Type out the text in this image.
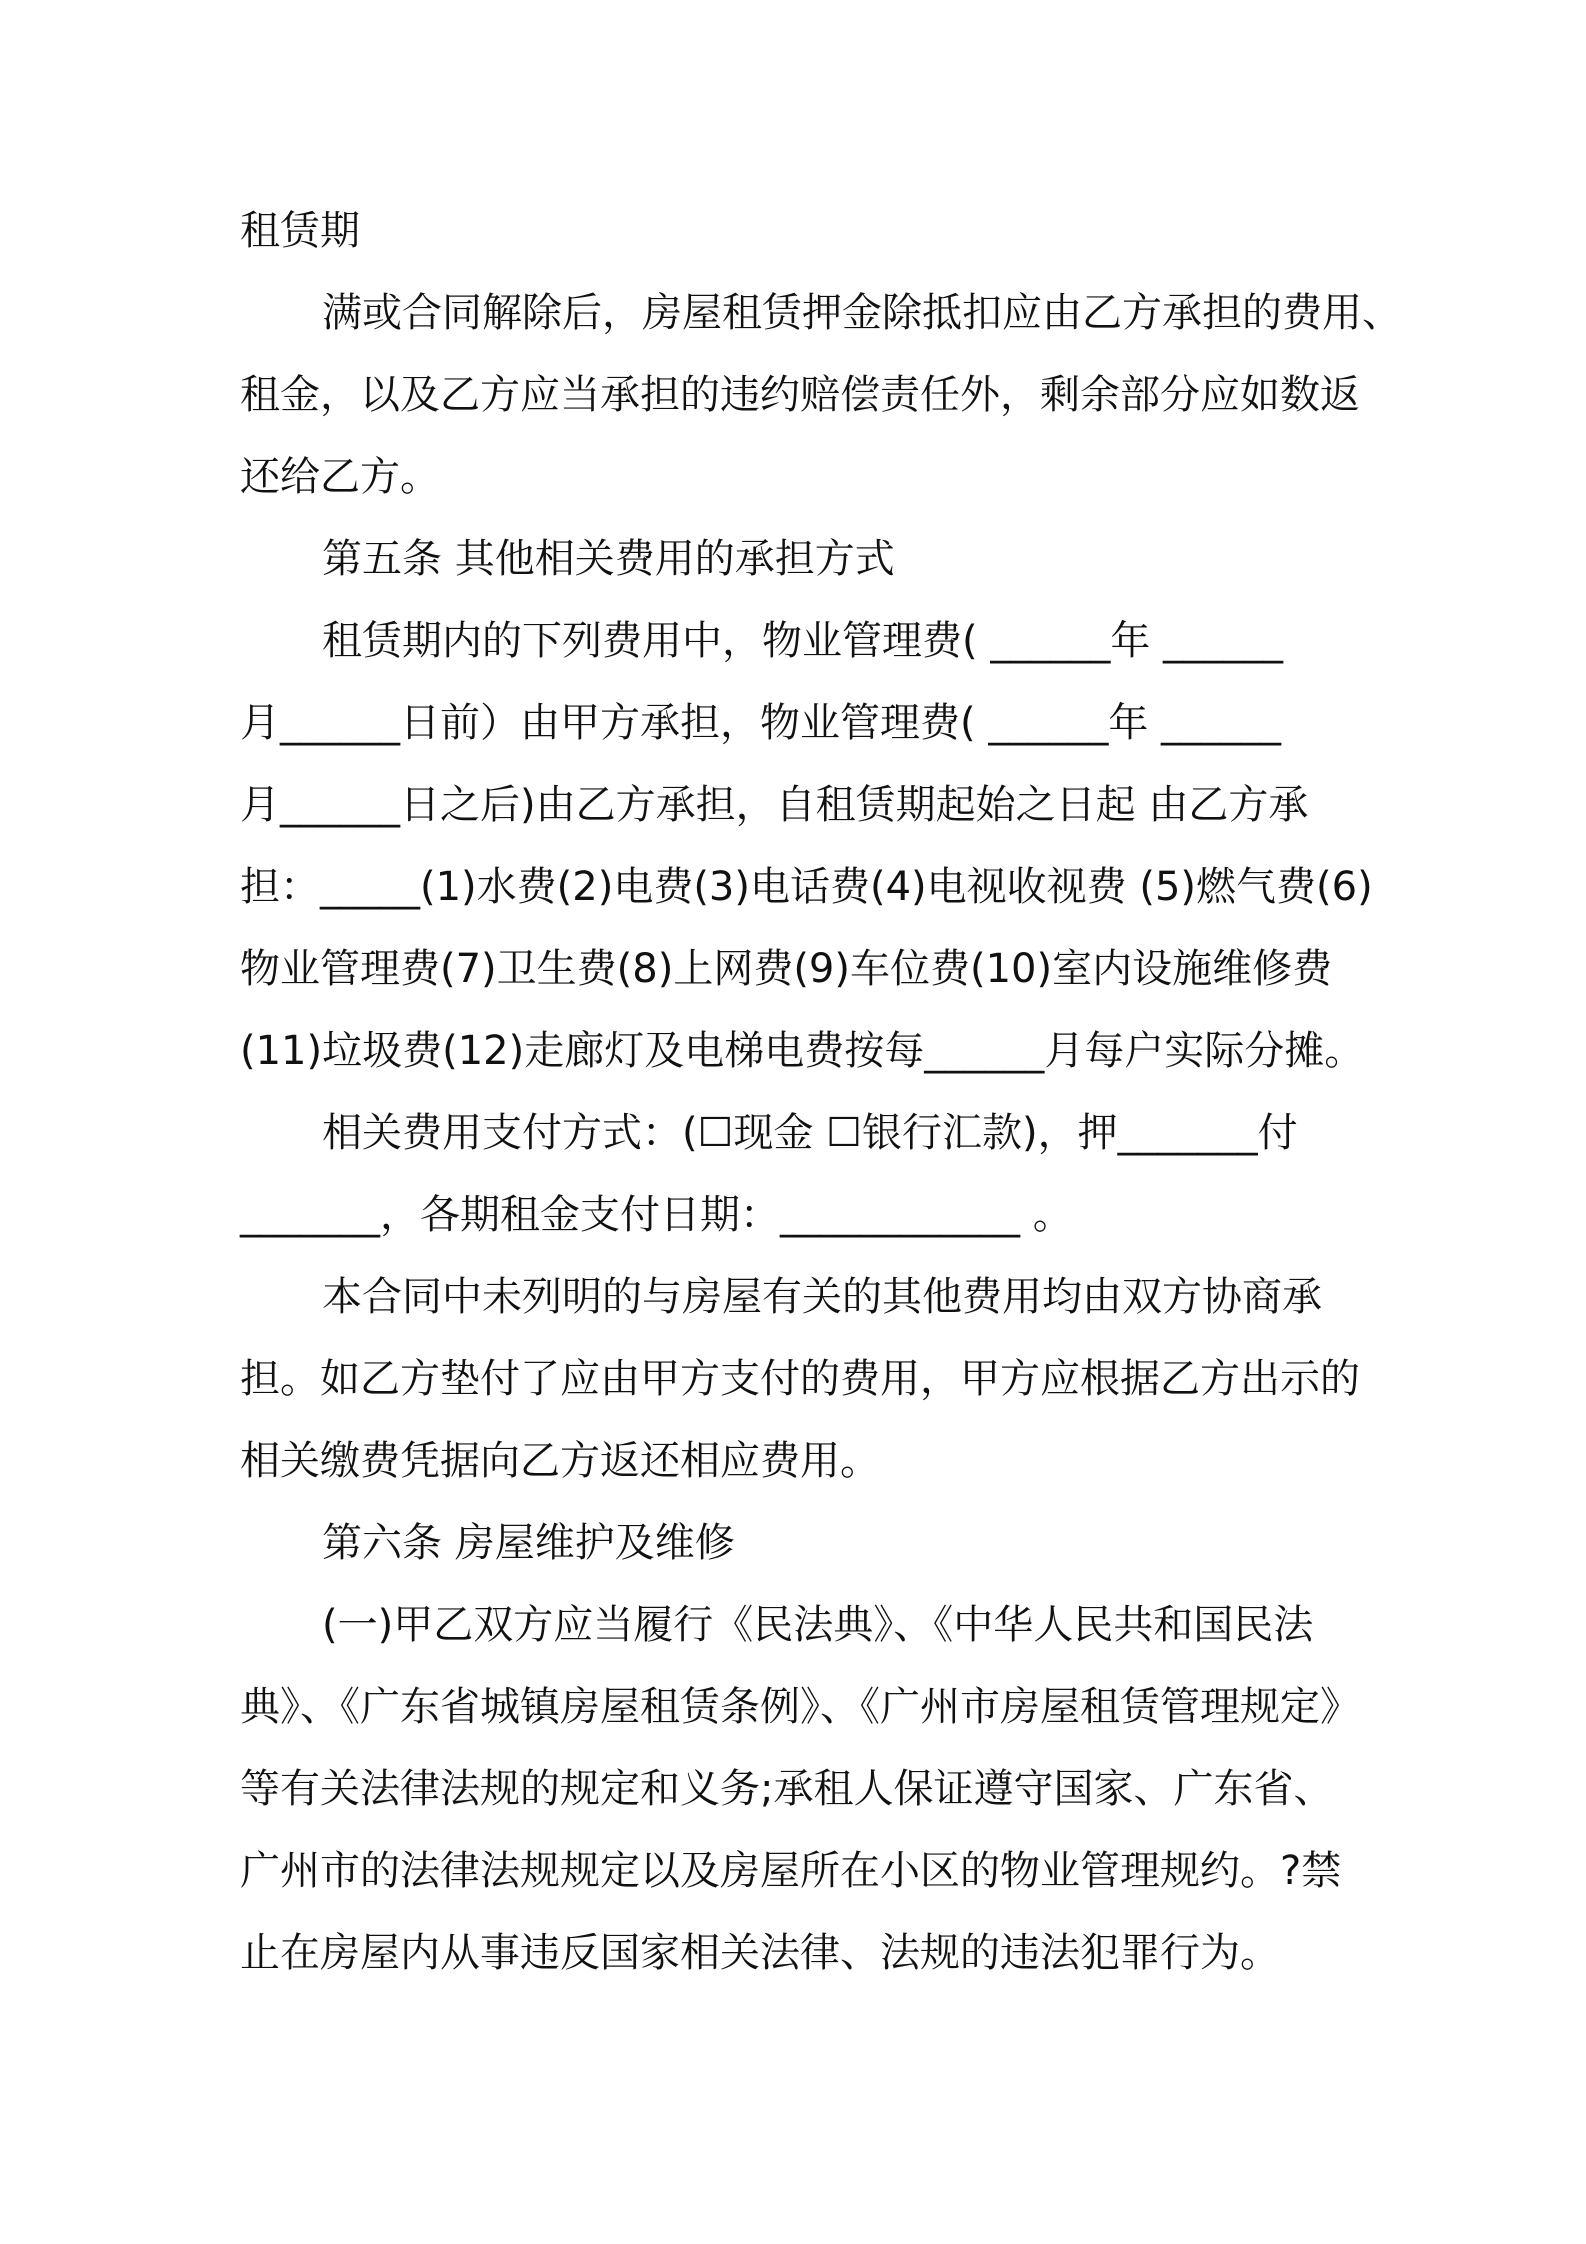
租赁期
满或合同解除后，房屋租赁押金除抵扣应由乙方承担的费用、
租金，以及乙方应当承担的违约赔偿责任外，剩余部分应如数返
还给乙方。
第五条 其他相关费用的承担方式
租赁期内的下列费用中，物业管理费( ______年 ______
月______日前）由甲方承担，物业管理费( ______年 ______
月______日之后)由乙方承担，自租赁期起始之日起 由乙方承
担：_____(1)水费(2)电费(3)电话费(4)电视收视费 (5)燃气费(6)
物业管理费(7)卫生费(8)上网费(9)车位费(10)室内设施维修费
(11)垃圾费(12)走廊灯及电梯电费按每______月每户实际分摊。
相关费用支付方式：(☐现金 ☐银行汇款)，押_______付
_______，各期租金支付日期：____________ 。
本合同中未列明的与房屋有关的其他费用均由双方协商承
担。如乙方垫付了应由甲方支付的费用，甲方应根据乙方出示的
相关缴费凭据向乙方返还相应费用。
第六条 房屋维护及维修
(一)甲乙双方应当履行《民法典》、《中华人民共和国民法
典》、《广东省城镇房屋租赁条例》、《广州市房屋租赁管理规定》
等有关法律法规的规定和义务;承租人保证遵守国家、广东省、
广州市的法律法规规定以及房屋所在小区的物业管理规约。?禁
止在房屋内从事违反国家相关法律、法规的违法犯罪行为。
